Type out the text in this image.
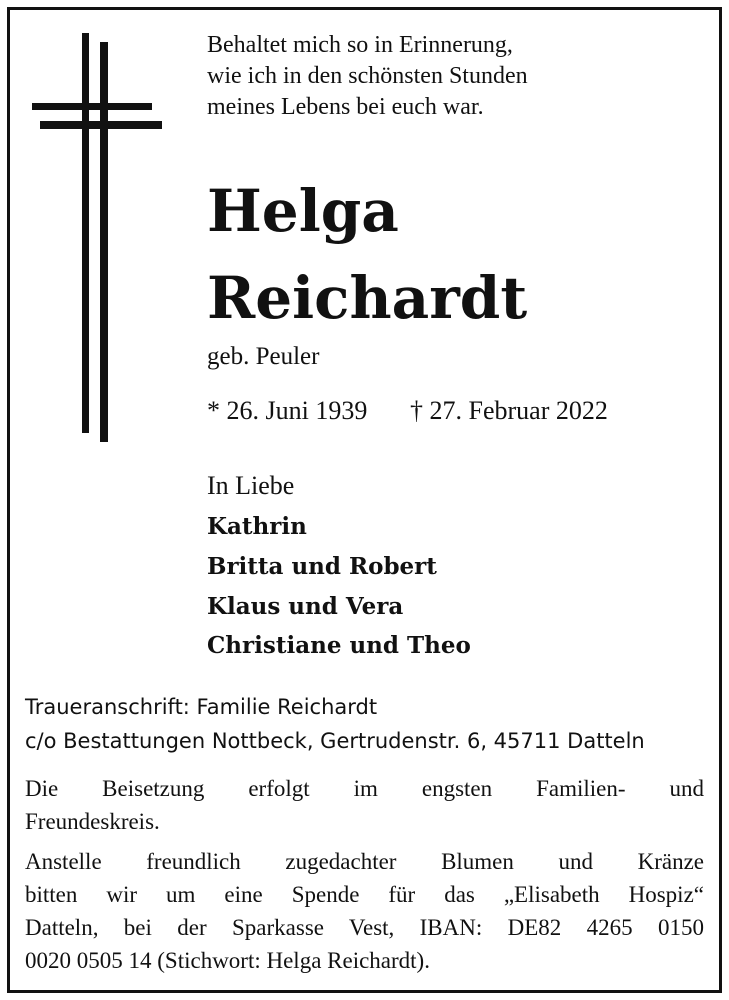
Behaltet mich so in Erinnerung,
wie ich in den schönsten Stunden
meines Lebens bei euch war.
Helga
Reichardt
geb. Peuler
* 26. Juni 1939 † 27. Februar 2022
In Liebe
Kathrin
Britta und Robert
Klaus und Vera
Christiane und Theo
Traueranschrift: Familie Reichardt
c/o Bestattungen Nottbeck, Gertrudenstr. 6, 45711 Datteln
Die Beisetzung erfolgt im engsten Familien- und
Freundeskreis.
Anstelle freundlich zugedachter Blumen und Kränze
bitten wir um eine Spende für das „Elisabeth Hospiz“
Datteln, bei der Sparkasse Vest, IBAN: DE82 4265 0150
0020 0505 14 (Stichwort: Helga Reichardt).
